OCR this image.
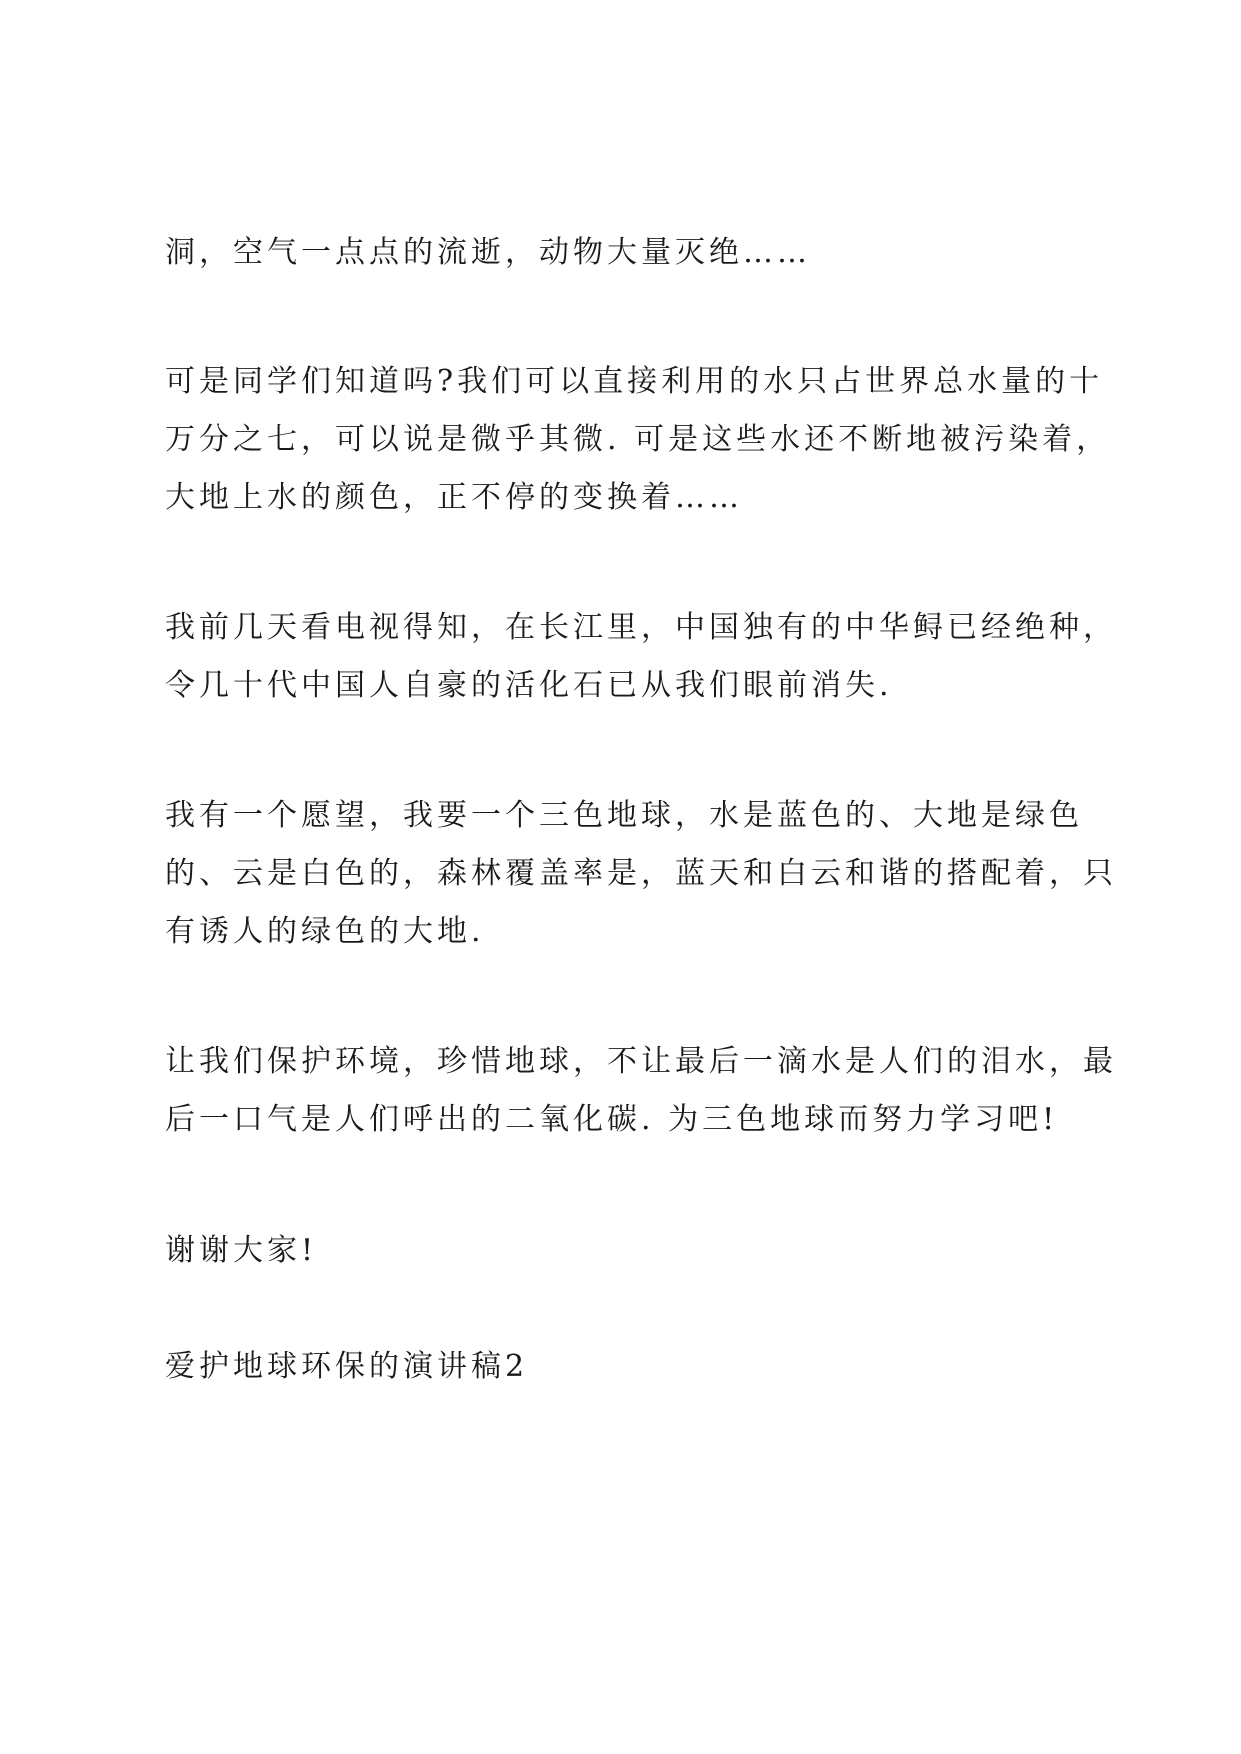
洞，空气一点点的流逝，动物大量灭绝……

可是同学们知道吗?我们可以直接利用的水只占世界总水量的十
万分之七，可以说是微乎其微. 可是这些水还不断地被污染着，
大地上水的颜色，正不停的变换着……

我前几天看电视得知，在长江里，中国独有的中华鲟已经绝种，
令几十代中国人自豪的活化石已从我们眼前消失.

我有一个愿望，我要一个三色地球，水是蓝色的、大地是绿色
的、云是白色的，森林覆盖率是，蓝天和白云和谐的搭配着，只
有诱人的绿色的大地.

让我们保护环境，珍惜地球，不让最后一滴水是人们的泪水，最
后一口气是人们呼出的二氧化碳. 为三色地球而努力学习吧!

谢谢大家!

爱护地球环保的演讲稿2
